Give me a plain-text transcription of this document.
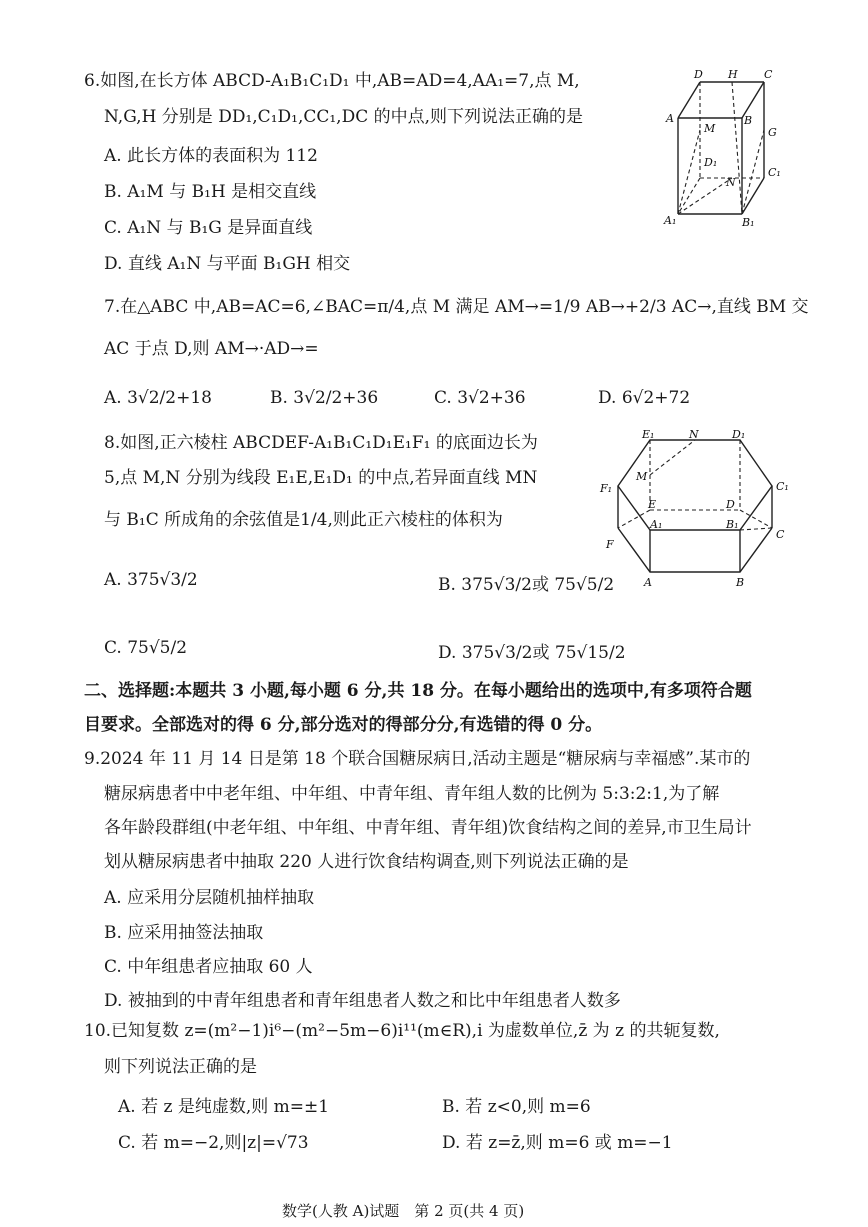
6.如图,在长方体 ABCD-A₁B₁C₁D₁ 中,AB=AD=4,AA₁=7,点 M,
N,G,H 分别是 DD₁,C₁D₁,CC₁,DC 的中点,则下列说法正确的是
A. 此长方体的表面积为 112
B. A₁M 与 B₁H 是相交直线
C. A₁N 与 B₁G 是异面直线
D. 直线 A₁N 与平面 B₁GH 相交
D H C
A	B
M	G
D₁
C₁
N
A₁	B₁
7.在△ABC 中,AB=AC=6,∠BAC=π/4,点 M 满足 AM→=1/9 AB→+2/3 AC→,直线 BM 交
AC 于点 D,则 AM→·AD→=
A. 3√2/2+18	B. 3√2/2+36	C. 3√2+36	D. 6√2+72
8.如图,正六棱柱 ABCDEF-A₁B₁C₁D₁E₁F₁ 的底面边长为
5,点 M,N 分别为线段 E₁E,E₁D₁ 的中点,若异面直线 MN
与 B₁C 所成角的余弦值是1/4,则此正六棱柱的体积为
A. 375√3/2	B. 375√3/2或 75√5/2
C. 75√5/2	D. 375√3/2或 75√15/2
E₁	N	D₁
F₁
M
C₁
E	D
A₁	B₁
F
C
A	B
二、选择题:本题共 3 小题,每小题 6 分,共 18 分。在每小题给出的选项中,有多项符合题
目要求。全部选对的得 6 分,部分选对的得部分分,有选错的得 0 分。
9.2024 年 11 月 14 日是第 18 个联合国糖尿病日,活动主题是“糖尿病与幸福感”.某市的
糖尿病患者中中老年组、中年组、中青年组、青年组人数的比例为 5:3:2:1,为了解
各年龄段群组(中老年组、中年组、中青年组、青年组)饮食结构之间的差异,市卫生局计
划从糖尿病患者中抽取 220 人进行饮食结构调查,则下列说法正确的是
A. 应采用分层随机抽样抽取
B. 应采用抽签法抽取
C. 中年组患者应抽取 60 人
D. 被抽到的中青年组患者和青年组患者人数之和比中年组患者人数多
10.已知复数 z=(m²−1)i⁶−(m²−5m−6)i¹¹(m∈R),i 为虚数单位,z̄ 为 z 的共轭复数,
则下列说法正确的是
A. 若 z 是纯虚数,则 m=±1	B. 若 z<0,则 m=6
C. 若 m=−2,则|z|=√73	D. 若 z=z̄,则 m=6 或 m=−1
数学(人教 A)试题　第 2 页(共 4 页)
